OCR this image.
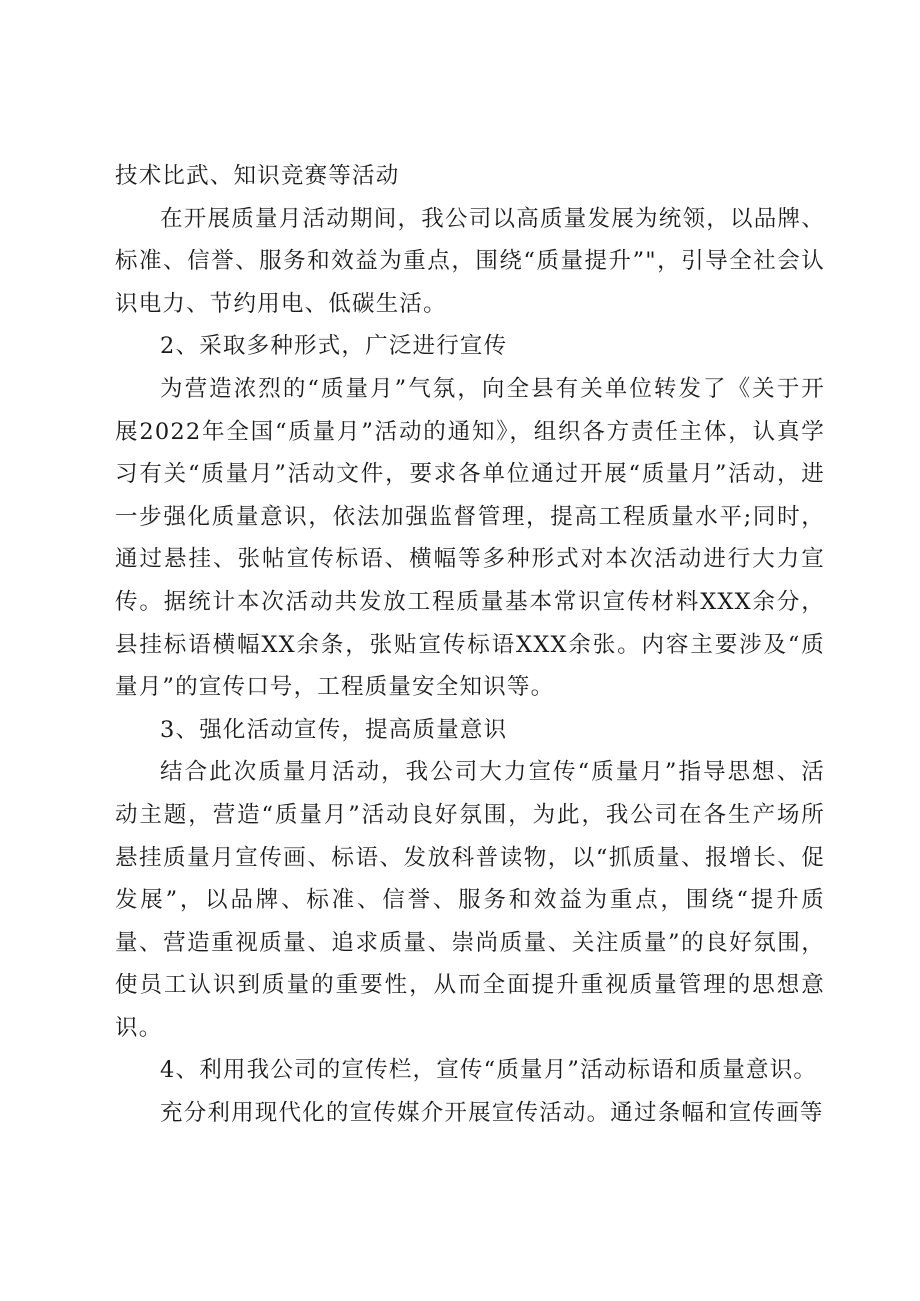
技术比武、知识竞赛等活动

在开展质量月活动期间，我公司以高质量发展为统领，以品牌、标准、信誉、服务和效益为重点，围绕“质量提升”"，引导全社会认识电力、节约用电、低碳生活。

2、采取多种形式，广泛进行宣传

为营造浓烈的“质量月”气氛，向全县有关单位转发了《关于开展2022年全国“质量月”活动的通知》，组织各方责任主体，认真学习有关“质量月”活动文件，要求各单位通过开展“质量月”活动，进一步强化质量意识，依法加强监督管理，提高工程质量水平;同时，通过悬挂、张帖宣传标语、横幅等多种形式对本次活动进行大力宣传。据统计本次活动共发放工程质量基本常识宣传材料XXX余分，县挂标语横幅XX余条，张贴宣传标语XXX余张。内容主要涉及“质量月”的宣传口号，工程质量安全知识等。

3、强化活动宣传，提高质量意识

结合此次质量月活动，我公司大力宣传“质量月”指导思想、活动主题，营造“质量月”活动良好氛围，为此，我公司在各生产场所悬挂质量月宣传画、标语、发放科普读物，以“抓质量、报增长、促发展”，以品牌、标准、信誉、服务和效益为重点，围绕“提升质量、营造重视质量、追求质量、崇尚质量、关注质量”的良好氛围，使员工认识到质量的重要性，从而全面提升重视质量管理的思想意识。

4、利用我公司的宣传栏，宣传“质量月”活动标语和质量意识。

充分利用现代化的宣传媒介开展宣传活动。通过条幅和宣传画等
